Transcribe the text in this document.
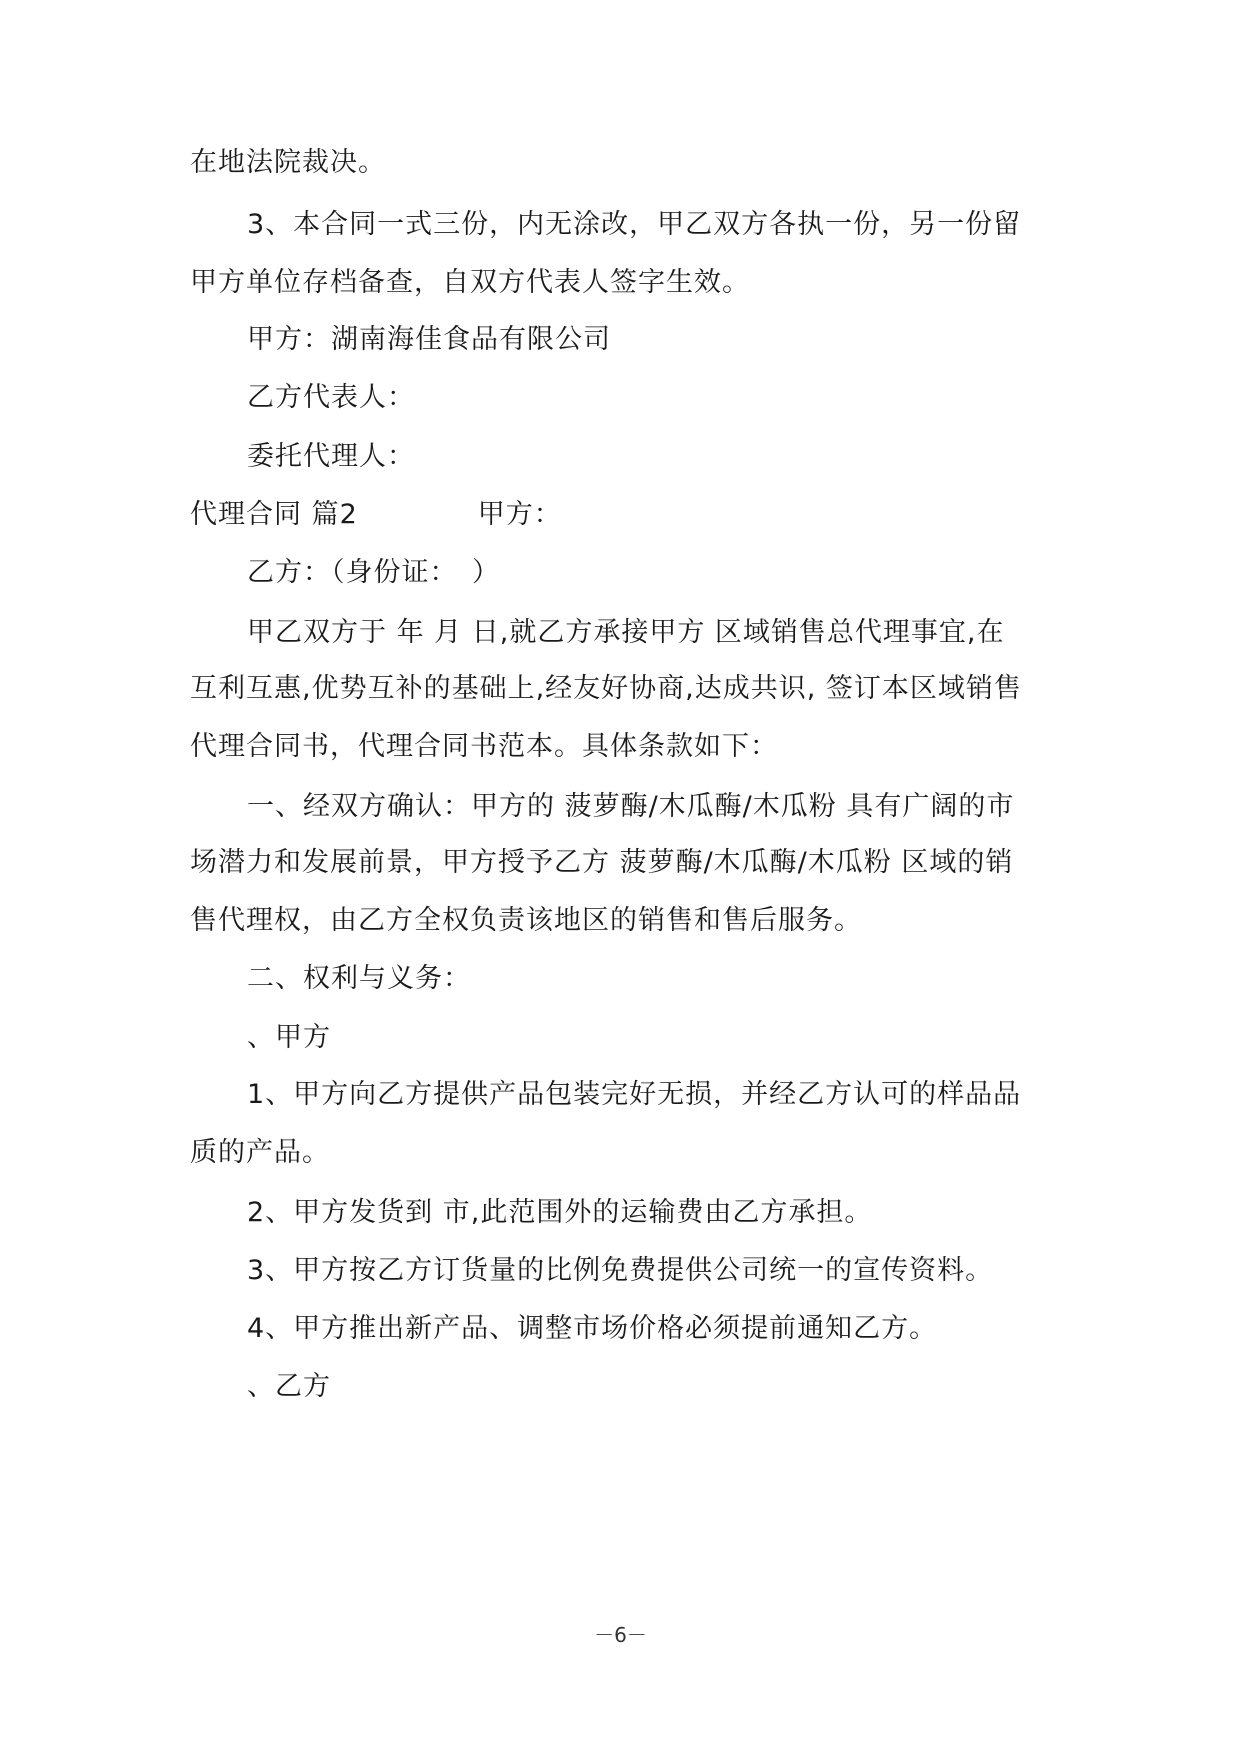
在地法院裁决。
3、本合同一式三份，内无涂改，甲乙双方各执一份，另一份留
甲方单位存档备查，自双方代表人签字生效。
甲方：湖南海佳食品有限公司
乙方代表人：
委托代理人：
代理合同 篇2	甲方：
乙方：（身份证：　）
甲乙双方于 年 月 日,就乙方承接甲方 区域销售总代理事宜,在
互利互惠,优势互补的基础上,经友好协商,达成共识, 签订本区域销售
代理合同书，代理合同书范本。具体条款如下：
一、经双方确认：甲方的 菠萝酶/木瓜酶/木瓜粉 具有广阔的市
场潜力和发展前景，甲方授予乙方 菠萝酶/木瓜酶/木瓜粉 区域的销
售代理权，由乙方全权负责该地区的销售和售后服务。
二、权利与义务：
、甲方
1、甲方向乙方提供产品包装完好无损，并经乙方认可的样品品
质的产品。
2、甲方发货到 市,此范围外的运输费由乙方承担。
3、甲方按乙方订货量的比例免费提供公司统一的宣传资料。
4、甲方推出新产品、调整市场价格必须提前通知乙方。
、乙方
－6－
